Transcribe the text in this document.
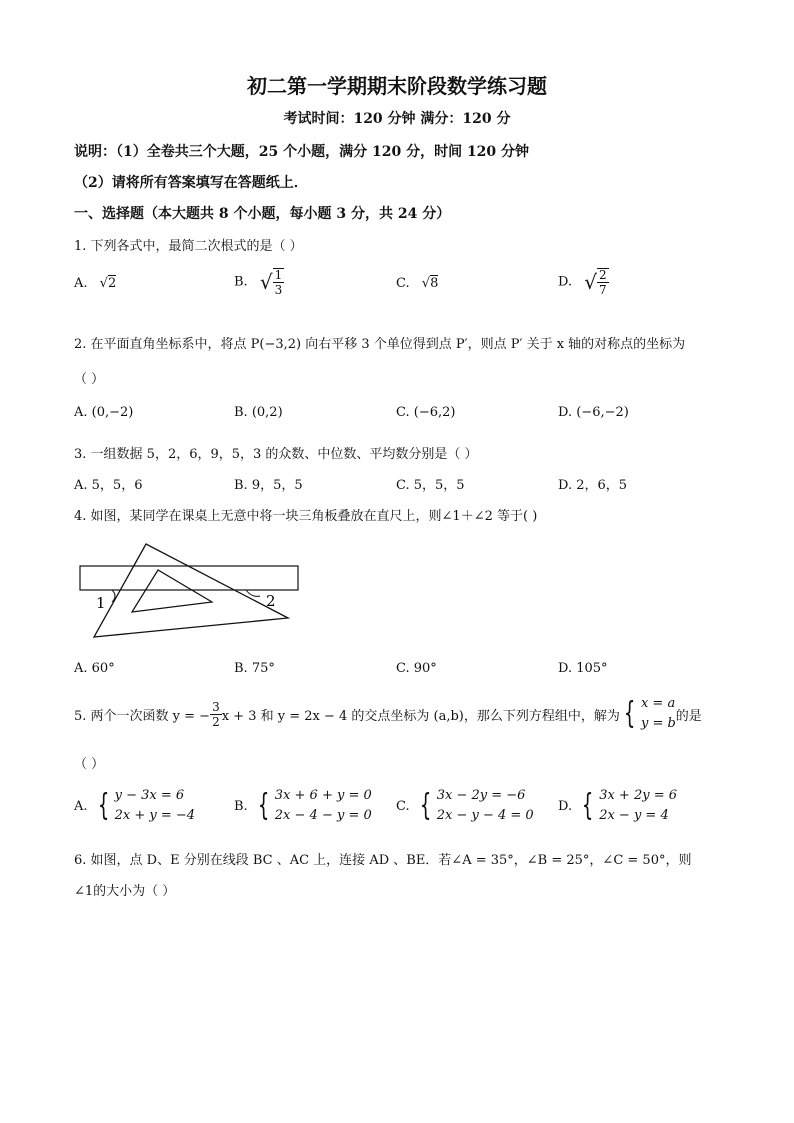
初二第一学期期末阶段数学练习题
考试时间：120 分钟 满分：120 分
说明：（1）全卷共三个大题，25 个小题，满分 120 分，时间 120 分钟
（2）请将所有答案填写在答题纸上．
一、选择题（本大题共 8 个小题，每小题 3 分，共 24 分）
1. 下列各式中，最简二次根式的是（ ）
A. √2	B. √ $\frac{1}{3}$	C. √8	D. √ $\frac{2}{7}$
2. 在平面直角坐标系中，将点 P(−3,2) 向右平移 3 个单位得到点 P′，则点 P′ 关于 x 轴的对称点的坐标为
（ ）
A. (0,−2)	B. (0,2)	C. (−6,2)	D. (−6,−2)
3. 一组数据 5，2，6，9，5，3 的众数、中位数、平均数分别是（ ）
A. 5，5，6	B. 9，5，5	C. 5，5，5	D. 2，6，5
4. 如图，某同学在课桌上无意中将一块三角板叠放在直尺上，则∠1＋∠2 等于( )
1	2
A. 60°	B. 75°	C. 90°	D. 105°
5. 两个一次函数 y = − $\frac{3}{2}$ x + 3 和 y = 2x − 4 的交点坐标为 (a,b)，那么下列方程组中，解为 { x = a
y = b 的是
（ ）
A. { y − 3x = 6
2x + y = −4
B. { 3x + 6 + y = 0
2x − 4 − y = 0
C. { 3x − 2y = −6
2x − y − 4 = 0
D. { 3x + 2y = 6
2x − y = 4
6. 如图，点 D、E 分别在线段 BC 、AC 上，连接 AD 、BE．若∠A = 35°，∠B = 25°，∠C = 50°，则
∠1的大小为（ ）
